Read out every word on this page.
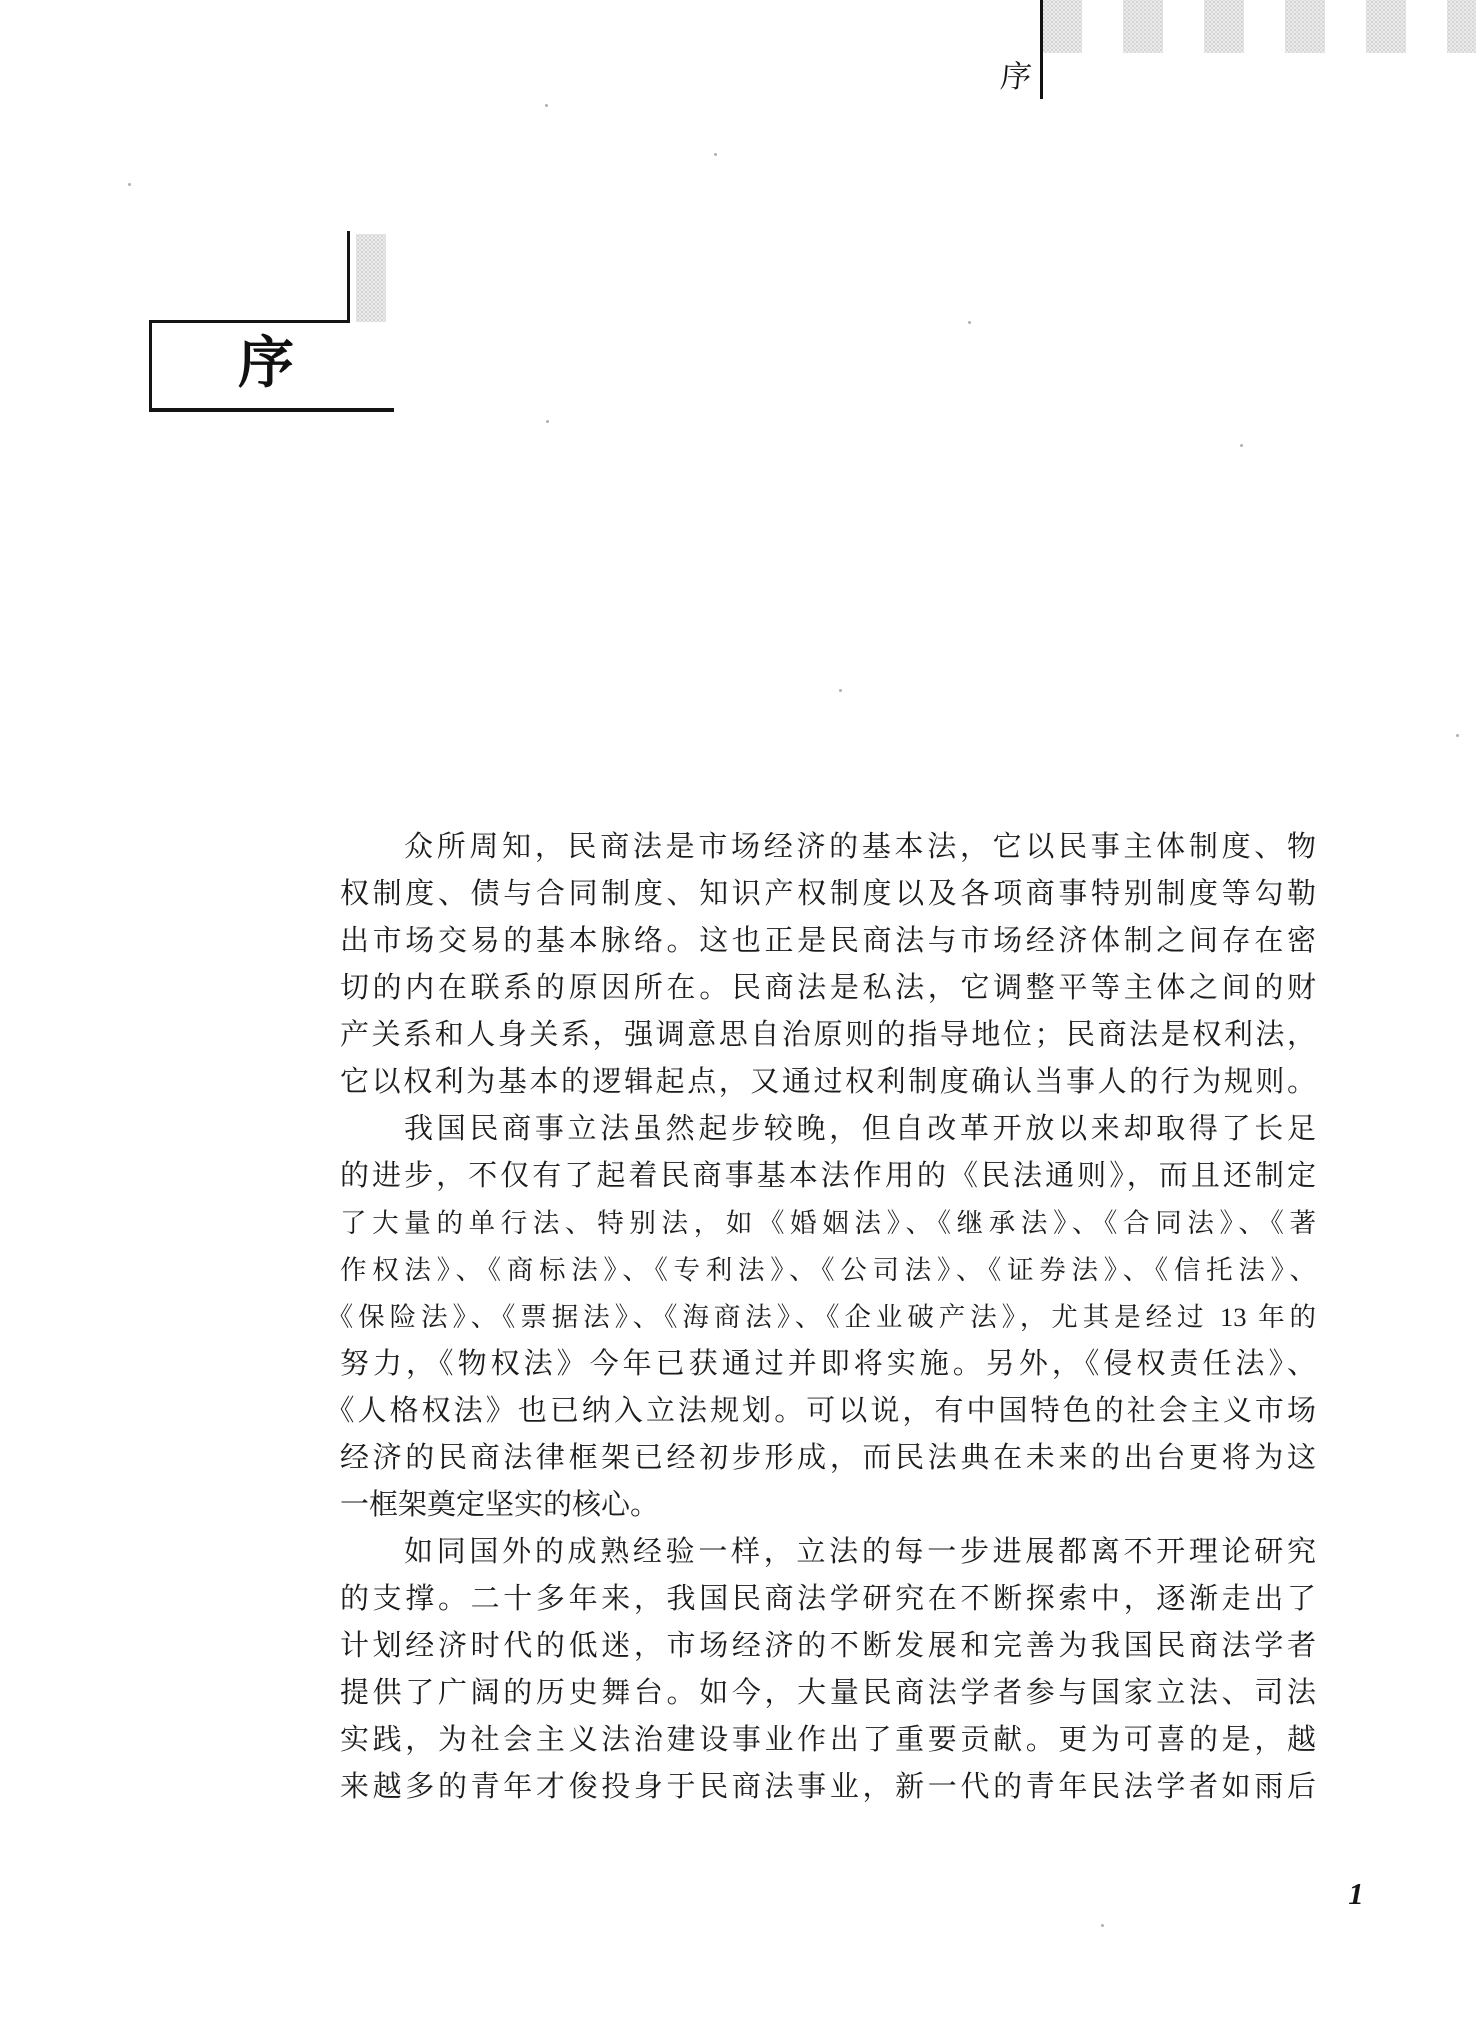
序
序
众所周知，民商法是市场经济的基本法，它以民事主体制度、物
权制度、债与合同制度、知识产权制度以及各项商事特别制度等勾勒
出市场交易的基本脉络。这也正是民商法与市场经济体制之间存在密
切的内在联系的原因所在。民商法是私法，它调整平等主体之间的财
产关系和人身关系，强调意思自治原则的指导地位；民商法是权利法，
它以权利为基本的逻辑起点，又通过权利制度确认当事人的行为规则。
我国民商事立法虽然起步较晚，但自改革开放以来却取得了长足
的进步，不仅有了起着民商事基本法作用的《民法通则》，而且还制定
了大量的单行法、特别法，如《婚姻法》、《继承法》、《合同法》、《著
作权法》、《商标法》、《专利法》、《公司法》、《证券法》、《信托法》、
《保险法》、《票据法》、《海商法》、《企业破产法》，尤其是经过 13 年的
努力，《物权法》今年已获通过并即将实施。另外，《侵权责任法》、
《人格权法》也已纳入立法规划。可以说，有中国特色的社会主义市场
经济的民商法律框架已经初步形成，而民法典在未来的出台更将为这
一框架奠定坚实的核心。
如同国外的成熟经验一样，立法的每一步进展都离不开理论研究
的支撑。二十多年来，我国民商法学研究在不断探索中，逐渐走出了
计划经济时代的低迷，市场经济的不断发展和完善为我国民商法学者
提供了广阔的历史舞台。如今，大量民商法学者参与国家立法、司法
实践，为社会主义法治建设事业作出了重要贡献。更为可喜的是，越
来越多的青年才俊投身于民商法事业，新一代的青年民法学者如雨后
1
